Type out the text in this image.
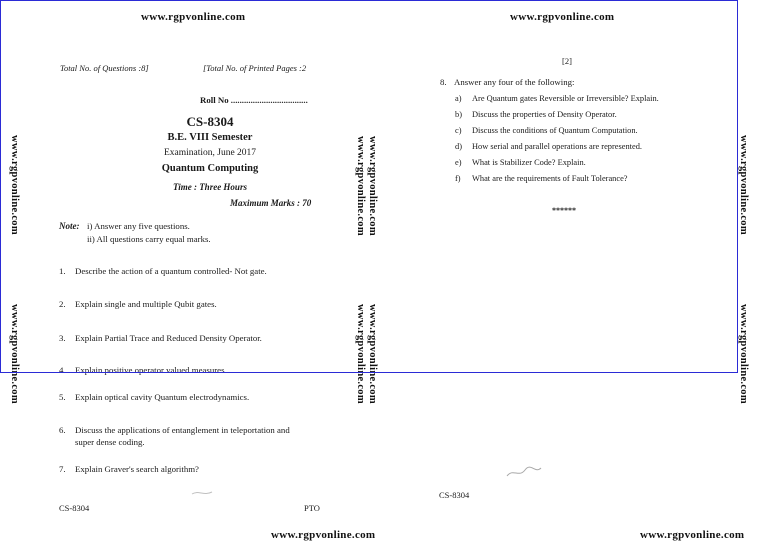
www.rgpvonline.com	www.rgpvonline.com
www.rgpvonline.com	www.rgpvonline.com
www.rgpvonline.com
www.rgpvonline.com
www.rgpvonline.com www.rgpvonline.com
www.rgpvonline.com www.rgpvonline.com
www.rgpvonline.com
www.rgpvonline.com
Total No. of Questions :8]	[Total No. of Printed Pages :2
Roll No ...................................
CS-8304
B.E. VIII Semester
Examination, June 2017
Quantum Computing
Time : Three Hours
Maximum Marks : 70
Note: i) Answer any five questions.
ii) All questions carry equal marks.
1. Describe the action of a quantum controlled- Not gate.
2. Explain single and multiple Qubit gates.
3. Explain Partial Trace and Reduced Density Operator.
4. Explain positive operator valued measures.
5. Explain optical cavity Quantum electrodynamics.
6. Discuss the applications of entanglement in teleportation and
super dense coding.
7. Explain Graver's search algorithm?
CS-8304	PTO
[2]
8. Answer any four of the following:
a) Are Quantum gates Reversible or Irreversible? Explain.
b) Discuss the properties of Density Operator.
c) Discuss the conditions of Quantum Computation.
d) How serial and parallel operations are represented.
e) What is Stabilizer Code? Explain.
f) What are the requirements of Fault Tolerance?
******
CS-8304
